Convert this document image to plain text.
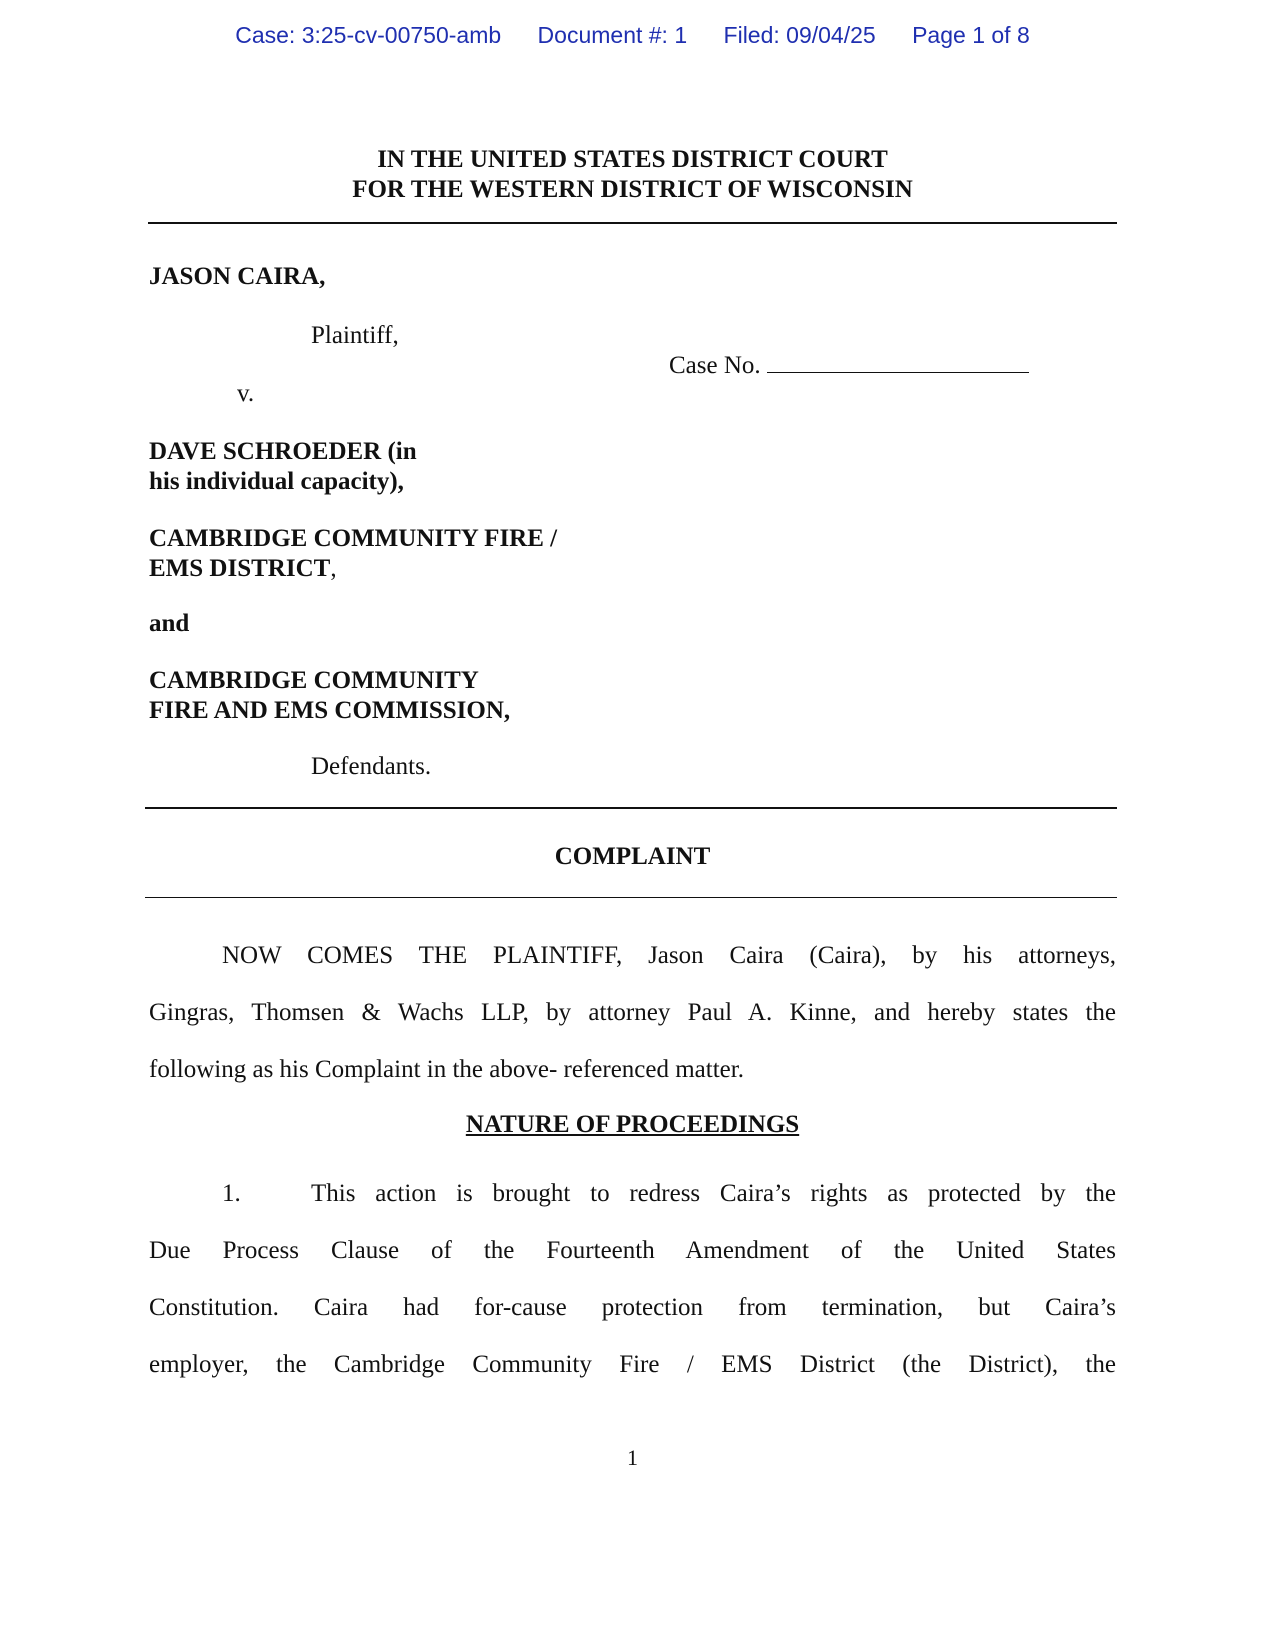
Case: 3:25-cv-00750-amb Document #: 1 Filed: 09/04/25 Page 1 of 8
IN THE UNITED STATES DISTRICT COURT
FOR THE WESTERN DISTRICT OF WISCONSIN
JASON CAIRA,
Plaintiff,
Case No.
v.
DAVE SCHROEDER (in
his individual capacity),
CAMBRIDGE COMMUNITY FIRE /
EMS DISTRICT,
and
CAMBRIDGE COMMUNITY
FIRE AND EMS COMMISSION,
Defendants.
COMPLAINT
NOW COMES THE PLAINTIFF, Jason Caira (Caira), by his attorneys,
Gingras, Thomsen & Wachs LLP, by attorney Paul A. Kinne, and hereby states the
following as his Complaint in the above- referenced matter.
NATURE OF PROCEEDINGS
1.	This action is brought to redress Caira’s rights as protected by the
Due Process Clause of the Fourteenth Amendment of the United States
Constitution. Caira had for-cause protection from termination, but Caira’s
employer, the Cambridge Community Fire / EMS District (the District), the
1
